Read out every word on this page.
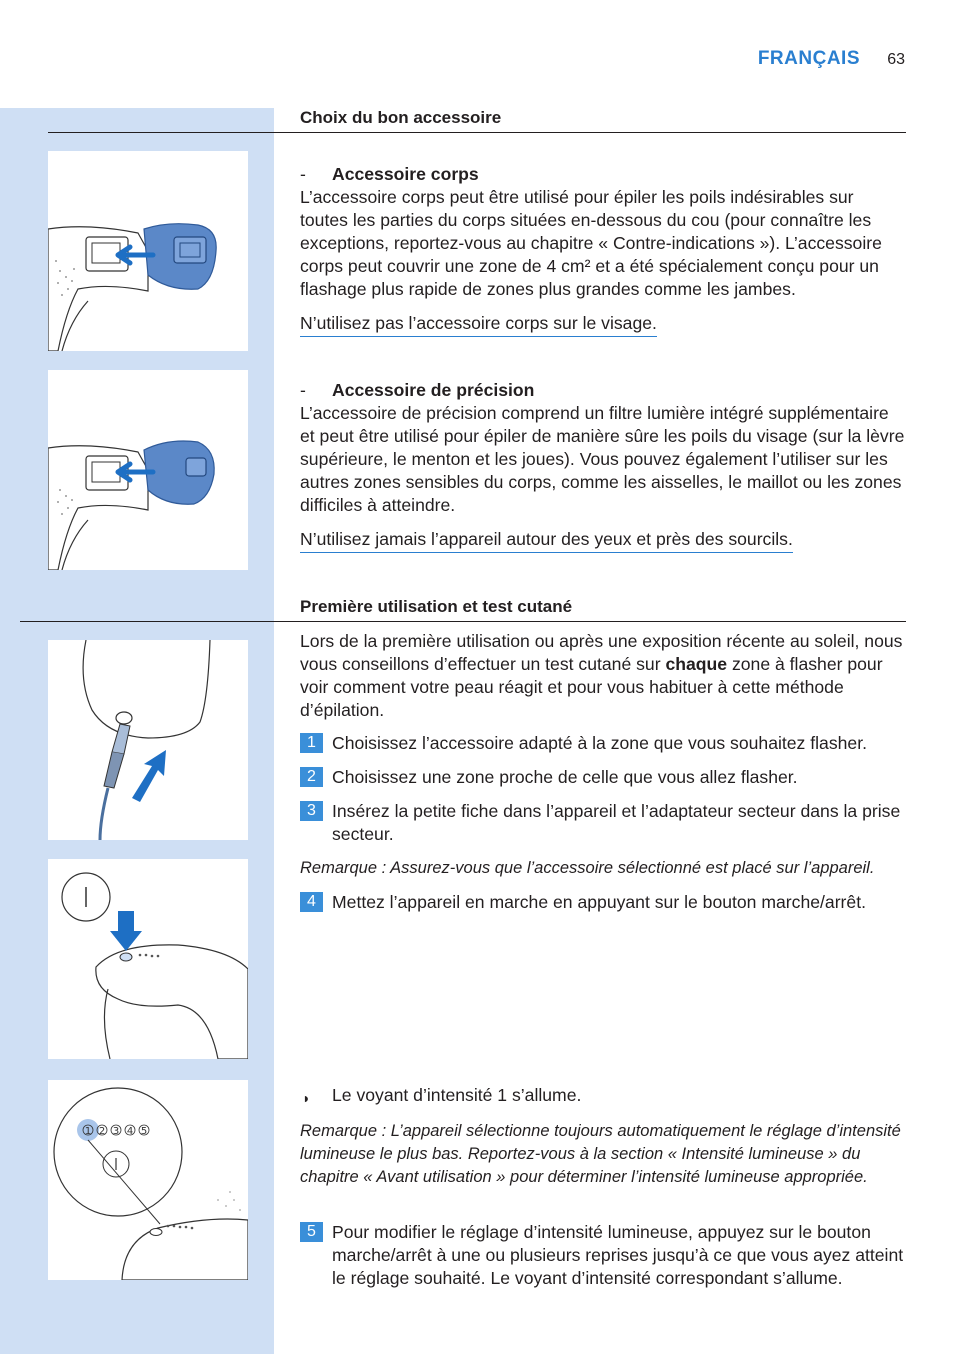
FRANÇAIS 63
Choix du bon accessoire
- Accessoire corps
L’accessoire corps peut être utilisé pour épiler les poils indésirables sur toutes les parties du corps situées en-dessous du cou (pour connaître les exceptions, reportez-vous au chapitre « Contre-indications »). L’accessoire corps peut couvrir une zone de 4 cm² et a été spécialement conçu pour un flashage plus rapide de zones plus grandes comme les jambes.
N’utilisez pas l’accessoire corps sur le visage.
- Accessoire de précision
L’accessoire de précision comprend un filtre lumière intégré supplémentaire et peut être utilisé pour épiler de manière sûre les poils du visage (sur la lèvre supérieure, le menton et les joues). Vous pouvez également l’utiliser sur les autres zones sensibles du corps, comme les aisselles, le maillot ou les zones difficiles à atteindre.
N’utilisez jamais l’appareil autour des yeux et près des sourcils.
Première utilisation et test cutané
Lors de la première utilisation ou après une exposition récente au soleil, nous vous conseillons d’effectuer un test cutané sur chaque zone à flasher pour voir comment votre peau réagit et pour vous habituer à cette méthode d’épilation.
1 Choisissez l’accessoire adapté à la zone que vous souhaitez flasher.
2 Choisissez une zone proche de celle que vous allez flasher.
3 Insérez la petite fiche dans l’appareil et l’adaptateur secteur dans la prise secteur.
Remarque : Assurez-vous que l’accessoire sélectionné est placé sur l’appareil.
4 Mettez l’appareil en marche en appuyant sur le bouton marche/arrêt.
1 2 3 4 5
◗ Le voyant d’intensité 1 s’allume.
Remarque : L’appareil sélectionne toujours automatiquement le réglage d’intensité lumineuse le plus bas. Reportez-vous à la section « Intensité lumineuse » du chapitre « Avant utilisation » pour déterminer l’intensité lumineuse appropriée.
5 Pour modifier le réglage d’intensité lumineuse, appuyez sur le bouton marche/arrêt à une ou plusieurs reprises jusqu’à ce que vous ayez atteint le réglage souhaité. Le voyant d’intensité correspondant s’allume.
